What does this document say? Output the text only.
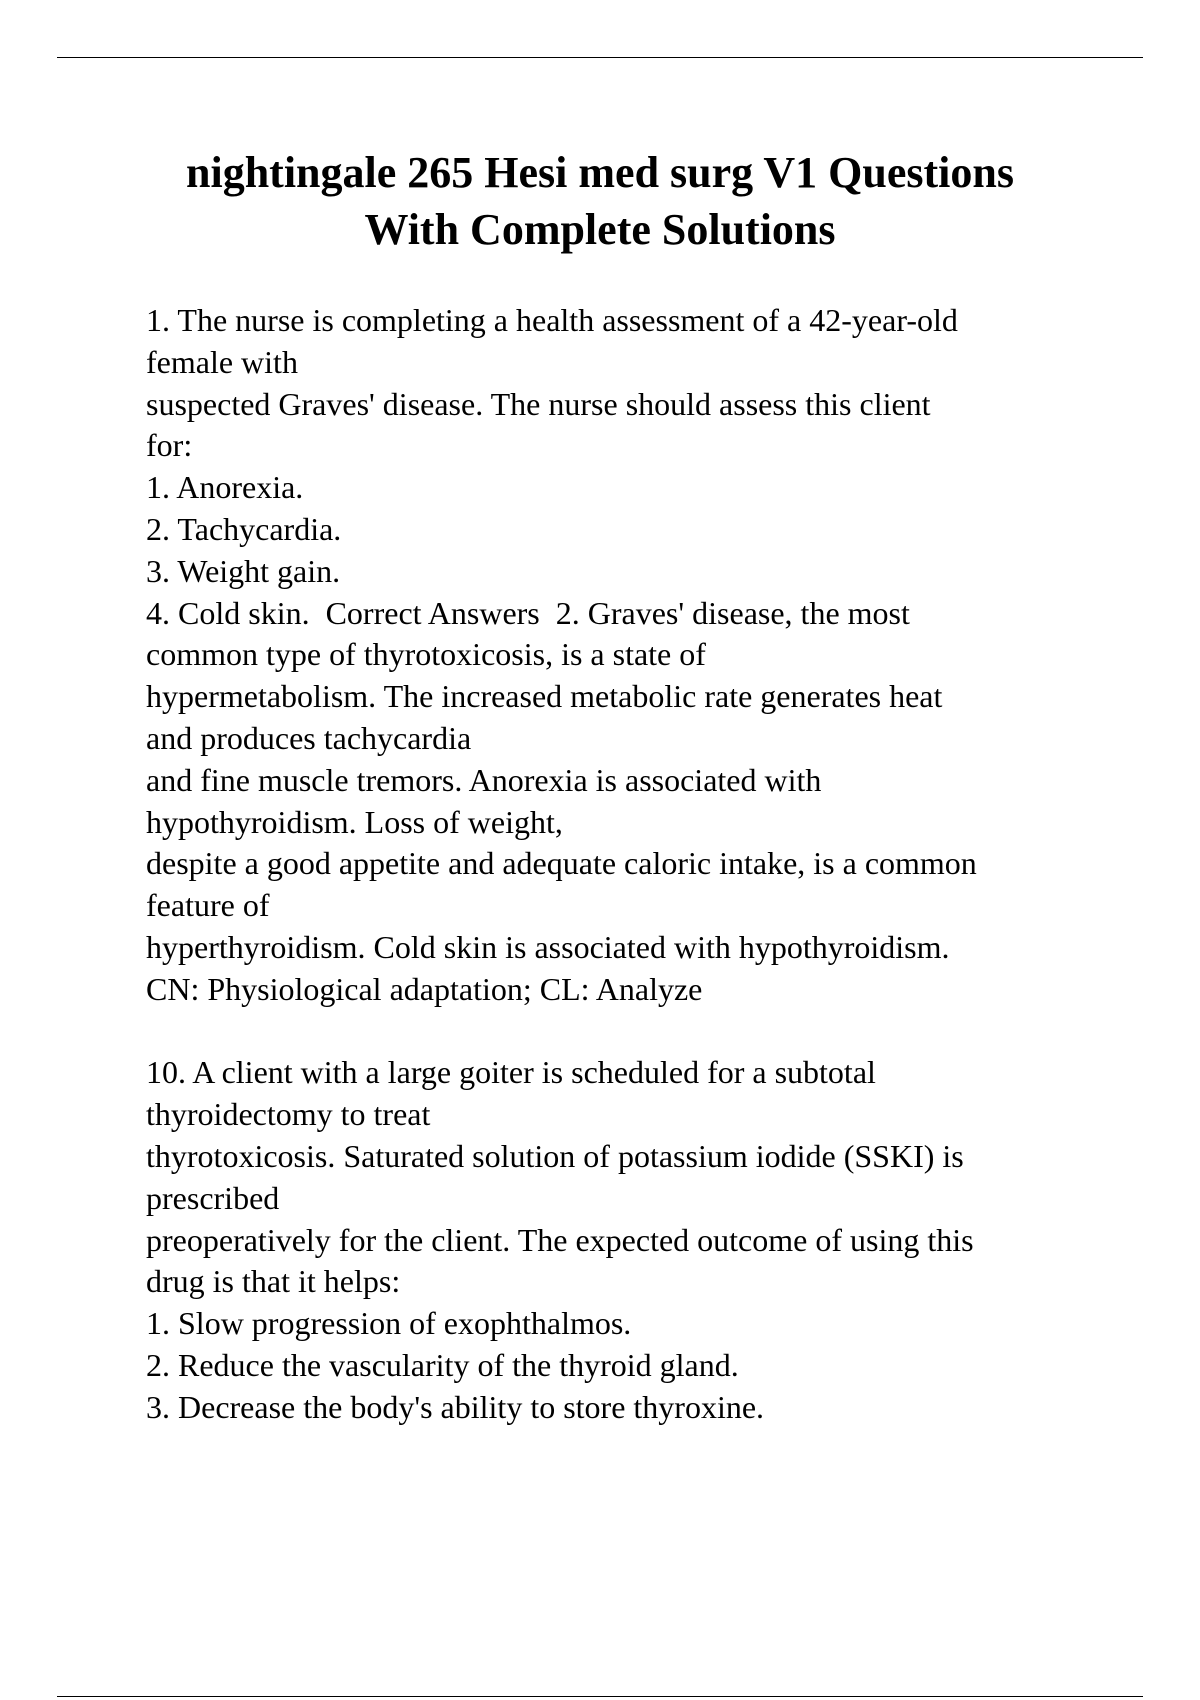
nightingale 265 Hesi med surg V1 Questions
With Complete Solutions
1. The nurse is completing a health assessment of a 42-year-old
female with
suspected Graves' disease. The nurse should assess this client
for:
1. Anorexia.
2. Tachycardia.
3. Weight gain.
4. Cold skin.  Correct Answers  2. Graves' disease, the most
common type of thyrotoxicosis, is a state of
hypermetabolism. The increased metabolic rate generates heat
and produces tachycardia
and fine muscle tremors. Anorexia is associated with
hypothyroidism. Loss of weight,
despite a good appetite and adequate caloric intake, is a common
feature of
hyperthyroidism. Cold skin is associated with hypothyroidism.
CN: Physiological adaptation; CL: Analyze
10. A client with a large goiter is scheduled for a subtotal
thyroidectomy to treat
thyrotoxicosis. Saturated solution of potassium iodide (SSKI) is
prescribed
preoperatively for the client. The expected outcome of using this
drug is that it helps:
1. Slow progression of exophthalmos.
2. Reduce the vascularity of the thyroid gland.
3. Decrease the body's ability to store thyroxine.
